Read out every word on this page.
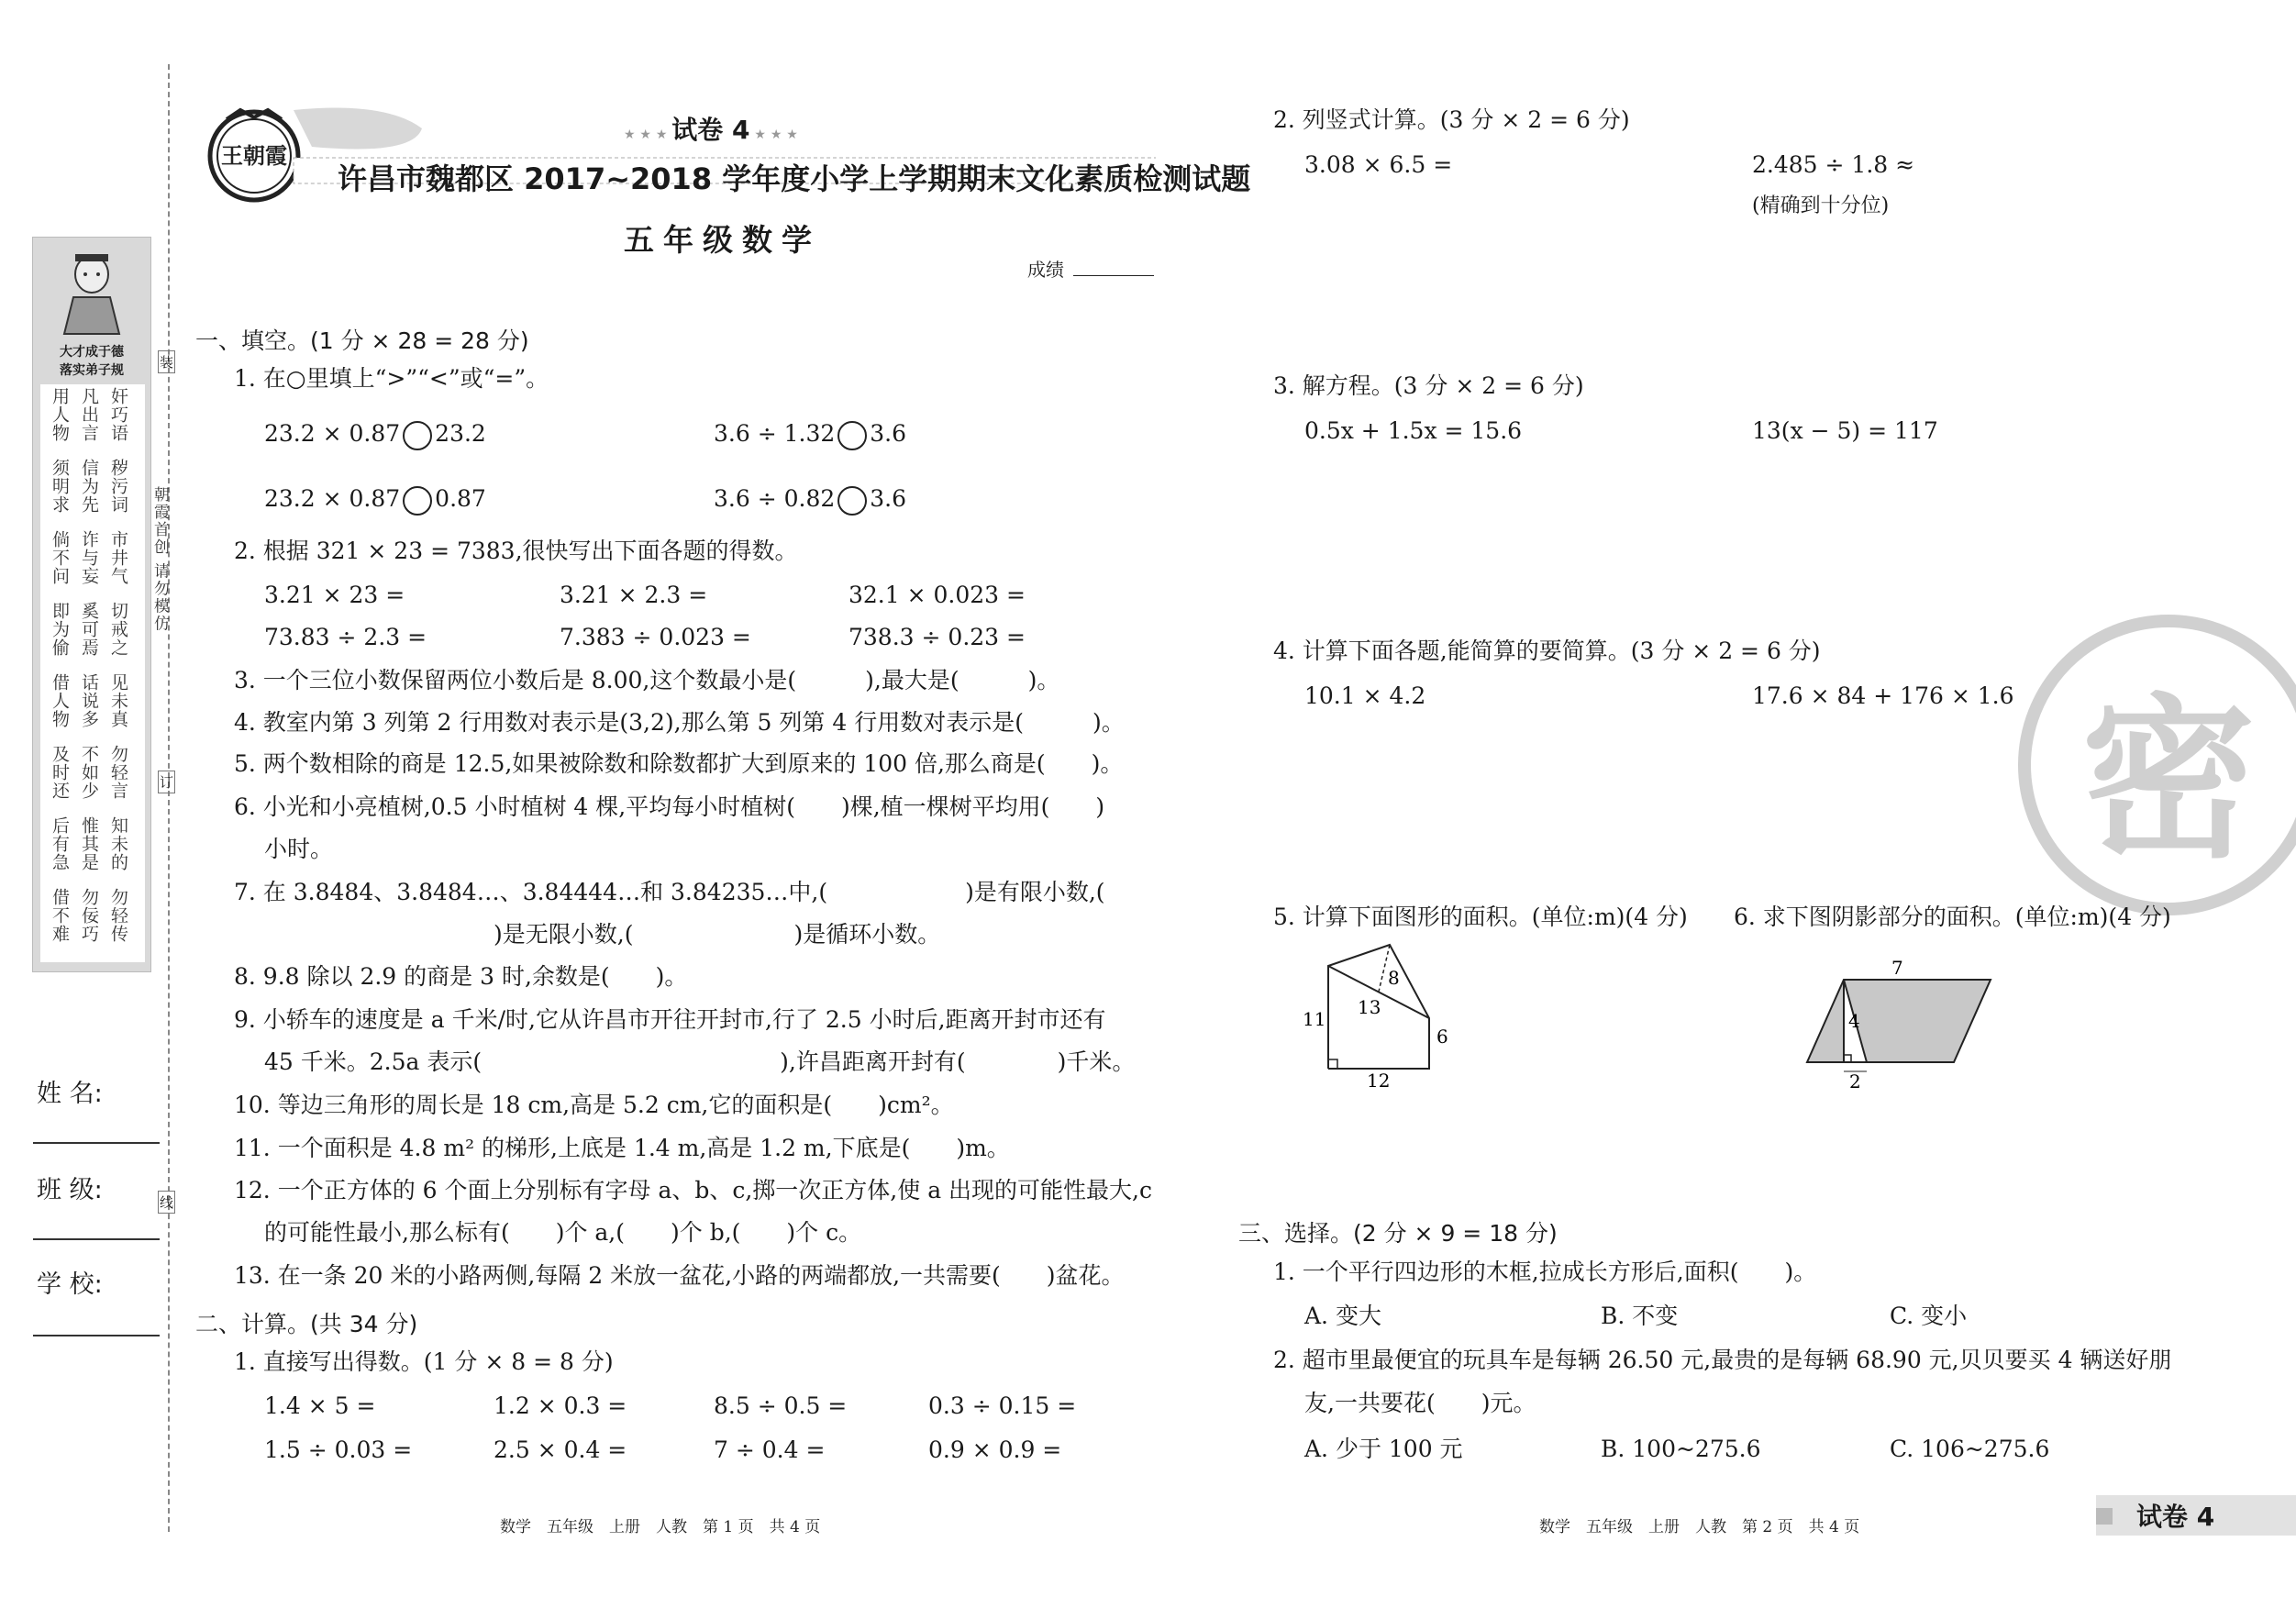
大才成于德
落实弟子规
奸巧语
凡出言
用人物
秽污词
信为先
须明求
市井气
诈与妄
倘不问
切戒之
奚可焉
即为偷
见未真
话说多
借人物
勿轻言
不如少
及时还
知未的
惟其是
后有急
勿轻传
勿佞巧
借不难
朝霞首创 请勿模仿
装
订
线
姓 名:
班 级:
学 校:
王朝霞
★ ★ ★ 试卷 4 ★ ★ ★
许昌市魏都区 2017~2018 学年度小学上学期期末文化素质检测试题
五年级数学
成绩
一、填空。(1 分 × 28 = 28 分)
1. 在○里填上“>”“<”或“=”。
23.2 × 0.87 23.2	3.6 ÷ 1.32 3.6
23.2 × 0.87 0.87	3.6 ÷ 0.82 3.6
2. 根据 321 × 23 = 7383,很快写出下面各题的得数。
3.21 × 23 =	3.21 × 2.3 =	32.1 × 0.023 =
73.83 ÷ 2.3 =	7.383 ÷ 0.023 =	738.3 ÷ 0.23 =
3. 一个三位小数保留两位小数后是 8.00,这个数最小是(　　　),最大是(　　　)。
4. 教室内第 3 列第 2 行用数对表示是(3,2),那么第 5 列第 4 行用数对表示是(　　　)。
5. 两个数相除的商是 12.5,如果被除数和除数都扩大到原来的 100 倍,那么商是(　　)。
6. 小光和小亮植树,0.5 小时植树 4 棵,平均每小时植树(　　)棵,植一棵树平均用(　　)
小时。
7. 在 3.8484、3.8484…、3.84444…和 3.84235…中,(　　　　　　)是有限小数,(
)是无限小数,(　　　　　　　)是循环小数。
8. 9.8 除以 2.9 的商是 3 时,余数是(　　)。
9. 小轿车的速度是 a 千米/时,它从许昌市开往开封市,行了 2.5 小时后,距离开封市还有
45 千米。2.5a 表示(　　　　　　　　　　　　　),许昌距离开封有(　　　　)千米。
10. 等边三角形的周长是 18 cm,高是 5.2 cm,它的面积是(　　)cm²。
11. 一个面积是 4.8 m² 的梯形,上底是 1.4 m,高是 1.2 m,下底是(　　)m。
12. 一个正方体的 6 个面上分别标有字母 a、b、c,掷一次正方体,使 a 出现的可能性最大,c
的可能性最小,那么标有(　　)个 a,(　　)个 b,(　　)个 c。
13. 在一条 20 米的小路两侧,每隔 2 米放一盆花,小路的两端都放,一共需要(　　)盆花。
二、计算。(共 34 分)
1. 直接写出得数。(1 分 × 8 = 8 分)
1.4 × 5 =	1.2 × 0.3 =	8.5 ÷ 0.5 =	0.3 ÷ 0.15 =
1.5 ÷ 0.03 =	2.5 × 0.4 =	7 ÷ 0.4 =	0.9 × 0.9 =
数学　五年级　上册　人教　第 1 页　共 4 页
2. 列竖式计算。(3 分 × 2 = 6 分)
3.08 × 6.5 =	2.485 ÷ 1.8 ≈
(精确到十分位)
3. 解方程。(3 分 × 2 = 6 分)
0.5x + 1.5x = 15.6	13(x − 5) = 117
4. 计算下面各题,能简算的要简算。(3 分 × 2 = 6 分)
10.1 × 4.2	17.6 × 84 + 176 × 1.6 密
5. 计算下面图形的面积。(单位:m)(4 分) 6. 求下图阴影部分的面积。(单位:m)(4 分)
8
13
11
6
12
7
4
2
三、选择。(2 分 × 9 = 18 分)
1. 一个平行四边形的木框,拉成长方形后,面积(　　)。
A. 变大	B. 不变	C. 变小
2. 超市里最便宜的玩具车是每辆 26.50 元,最贵的是每辆 68.90 元,贝贝要买 4 辆送好朋
友,一共要花(　　)元。
A. 少于 100 元	B. 100~275.6	C. 106~275.6
数学　五年级　上册　人教　第 2 页　共 4 页	试卷 4
